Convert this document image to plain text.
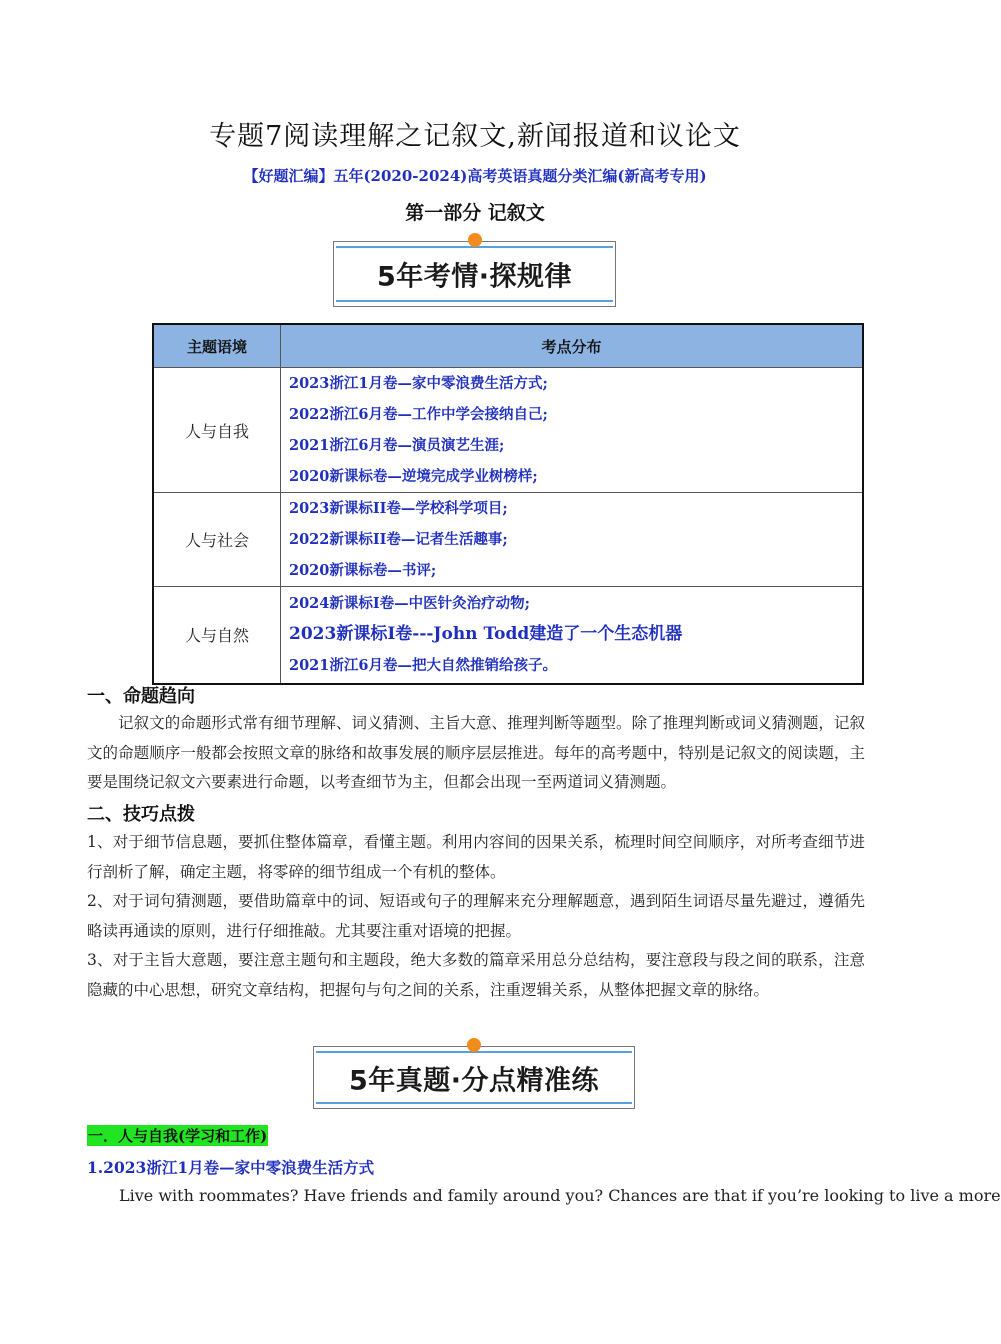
专题7阅读理解之记叙文,新闻报道和议论文
【好题汇编】五年(2020-2024)高考英语真题分类汇编(新高考专用)
第一部分 记叙文
5年考情·探规律
主题语境	考点分布
人与自我	2023浙江1月卷—家中零浪费生活方式;
2022浙江6月卷—工作中学会接纳自己;
2021浙江6月卷—演员演艺生涯;
2020新课标卷—逆境完成学业树榜样;

人与社会	2023新课标II卷—学校科学项目;
2022新课标II卷—记者生活趣事;
2020新课标卷—书评;

人与自然	2024新课标I卷—中医针灸治疗动物;
2023新课标I卷---John Todd建造了一个生态机器
2021浙江6月卷—把大自然推销给孩子。
一、命题趋向
记叙文的命题形式常有细节理解、词义猜测、主旨大意、推理判断等题型。除了推理判断或词义猜测题，记叙文的命题顺序一般都会按照文章的脉络和故事发展的顺序层层推进。每年的高考题中，特别是记叙文的阅读题，主要是围绕记叙文六要素进行命题，以考查细节为主，但都会出现一至两道词义猜测题。
二、技巧点拨
1、对于细节信息题，要抓住整体篇章，看懂主题。利用内容间的因果关系，梳理时间空间顺序，对所考查细节进行剖析了解，确定主题，将零碎的细节组成一个有机的整体。
2、对于词句猜测题，要借助篇章中的词、短语或句子的理解来充分理解题意，遇到陌生词语尽量先避过，遵循先略读再通读的原则，进行仔细推敲。尤其要注重对语境的把握。
3、对于主旨大意题，要注意主题句和主题段，绝大多数的篇章采用总分总结构，要注意段与段之间的联系，注意隐藏的中心思想，研究文章结构，把握句与句之间的关系，注重逻辑关系，从整体把握文章的脉络。
5年真题·分点精准练
一．人与自我(学习和工作)
1.2023浙江1月卷—家中零浪费生活方式
Live with roommates? Have friends and family around you? Chances are that if you’re looking to live a more
